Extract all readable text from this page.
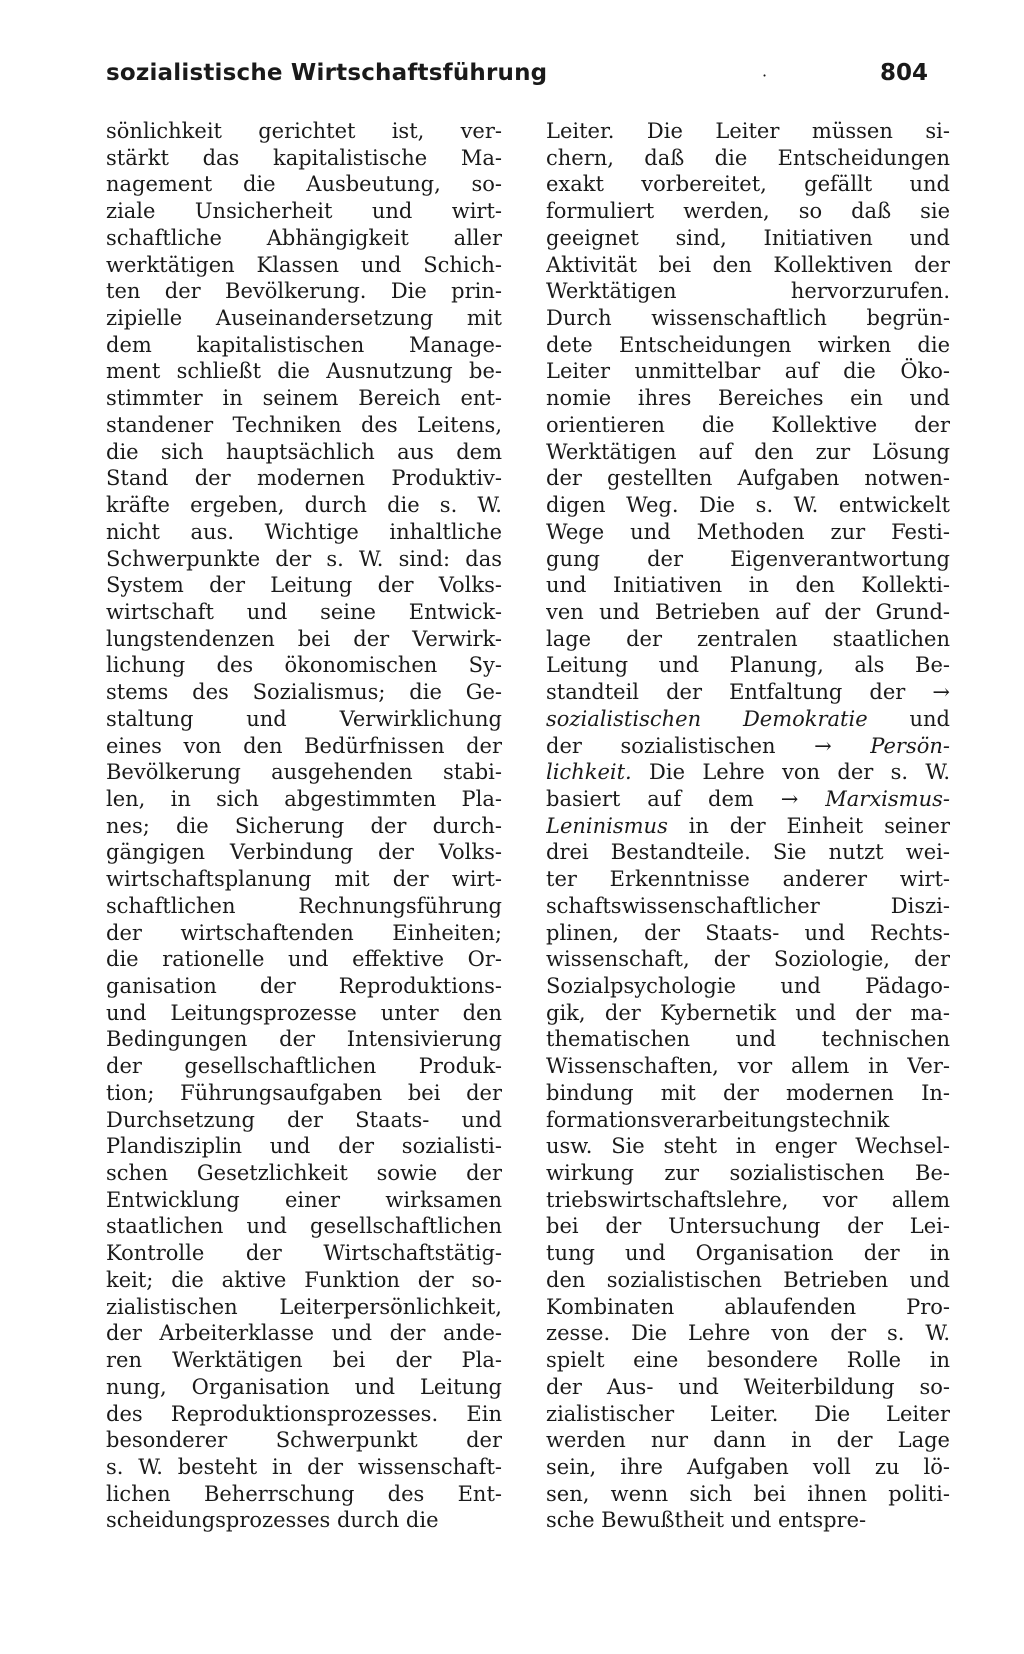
sozialistische Wirtschaftsführung	·	804
sönlichkeit gerichtet ist, ver-
stärkt das kapitalistische Ma-
nagement die Ausbeutung, so-
ziale Unsicherheit und wirt-
schaftliche Abhängigkeit aller
werktätigen Klassen und Schich-
ten der Bevölkerung. Die prin-
zipielle Auseinandersetzung mit
dem kapitalistischen Manage-
ment schließt die Ausnutzung be-
stimmter in seinem Bereich ent-
standener Techniken des Leitens,
die sich hauptsächlich aus dem
Stand der modernen Produktiv-
kräfte ergeben, durch die s. W.
nicht aus. Wichtige inhaltliche
Schwerpunkte der s. W. sind: das
System der Leitung der Volks-
wirtschaft und seine Entwick-
lungstendenzen bei der Verwirk-
lichung des ökonomischen Sy-
stems des Sozialismus; die Ge-
staltung und Verwirklichung
eines von den Bedürfnissen der
Bevölkerung ausgehenden stabi-
len, in sich abgestimmten Pla-
nes; die Sicherung der durch-
gängigen Verbindung der Volks-
wirtschaftsplanung mit der wirt-
schaftlichen Rechnungsführung
der wirtschaftenden Einheiten;
die rationelle und effektive Or-
ganisation der Reproduktions-
und Leitungsprozesse unter den
Bedingungen der Intensivierung
der gesellschaftlichen Produk-
tion; Führungsaufgaben bei der
Durchsetzung der Staats- und
Plandisziplin und der sozialisti-
schen Gesetzlichkeit sowie der
Entwicklung einer wirksamen
staatlichen und gesellschaftlichen
Kontrolle der Wirtschaftstätig-
keit; die aktive Funktion der so-
zialistischen Leiterpersönlichkeit,
der Arbeiterklasse und der ande-
ren Werktätigen bei der Pla-
nung, Organisation und Leitung
des Reproduktionsprozesses. Ein
besonderer Schwerpunkt der
s. W. besteht in der wissenschaft-
lichen Beherrschung des Ent-
scheidungsprozesses durch die
Leiter. Die Leiter müssen si-
chern, daß die Entscheidungen
exakt vorbereitet, gefällt und
formuliert werden, so daß sie
geeignet sind, Initiativen und
Aktivität bei den Kollektiven der
Werktätigen hervorzurufen.
Durch wissenschaftlich begrün-
dete Entscheidungen wirken die
Leiter unmittelbar auf die Öko-
nomie ihres Bereiches ein und
orientieren die Kollektive der
Werktätigen auf den zur Lösung
der gestellten Aufgaben notwen-
digen Weg. Die s. W. entwickelt
Wege und Methoden zur Festi-
gung der Eigenverantwortung
und Initiativen in den Kollekti-
ven und Betrieben auf der Grund-
lage der zentralen staatlichen
Leitung und Planung, als Be-
standteil der Entfaltung der →
sozialistischen Demokratie und
der sozialistischen → Persön-
lichkeit. Die Lehre von der s. W.
basiert auf dem → Marxismus-
Leninismus in der Einheit seiner
drei Bestandteile. Sie nutzt wei-
ter Erkenntnisse anderer wirt-
schaftswissenschaftlicher Diszi-
plinen, der Staats- und Rechts-
wissenschaft, der Soziologie, der
Sozialpsychologie und Pädago-
gik, der Kybernetik und der ma-
thematischen und technischen
Wissenschaften, vor allem in Ver-
bindung mit der modernen In-
formationsverarbeitungstechnik
usw. Sie steht in enger Wechsel-
wirkung zur sozialistischen Be-
triebswirtschaftslehre, vor allem
bei der Untersuchung der Lei-
tung und Organisation der in
den sozialistischen Betrieben und
Kombinaten ablaufenden Pro-
zesse. Die Lehre von der s. W.
spielt eine besondere Rolle in
der Aus- und Weiterbildung so-
zialistischer Leiter. Die Leiter
werden nur dann in der Lage
sein, ihre Aufgaben voll zu lö-
sen, wenn sich bei ihnen politi-
sche Bewußtheit und entspre-
